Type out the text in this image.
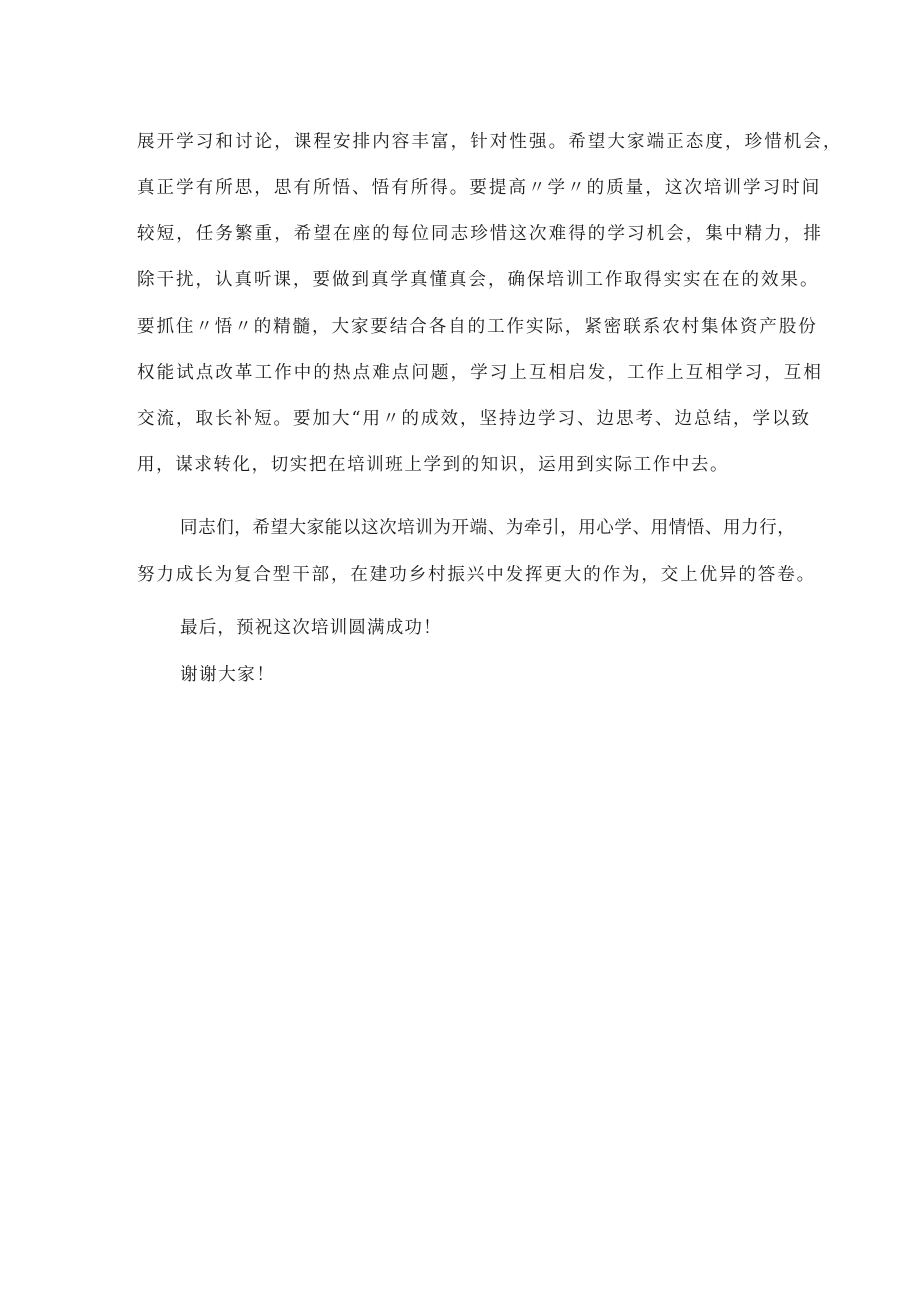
展开学习和讨论，课程安排内容丰富，针对性强。希望大家端正态度，珍惜机会，
真正学有所思，思有所悟、悟有所得。要提高〃学〃的质量，这次培训学习时间
较短，任务繁重，希望在座的每位同志珍惜这次难得的学习机会，集中精力，排
除干扰，认真听课，要做到真学真懂真会，确保培训工作取得实实在在的效果。
要抓住〃悟〃的精髓，大家要结合各自的工作实际，紧密联系农村集体资产股份
权能试点改革工作中的热点难点问题，学习上互相启发，工作上互相学习，互相
交流，取长补短。要加大“用〃的成效，坚持边学习、边思考、边总结，学以致
用，谋求转化，切实把在培训班上学到的知识，运用到实际工作中去。
同志们，希望大家能以这次培训为开端、为牵引，用心学、用情悟、用力行，
努力成长为复合型干部，在建功乡村振兴中发挥更大的作为，交上优异的答卷。
最后，预祝这次培训圆满成功！
谢谢大家！
